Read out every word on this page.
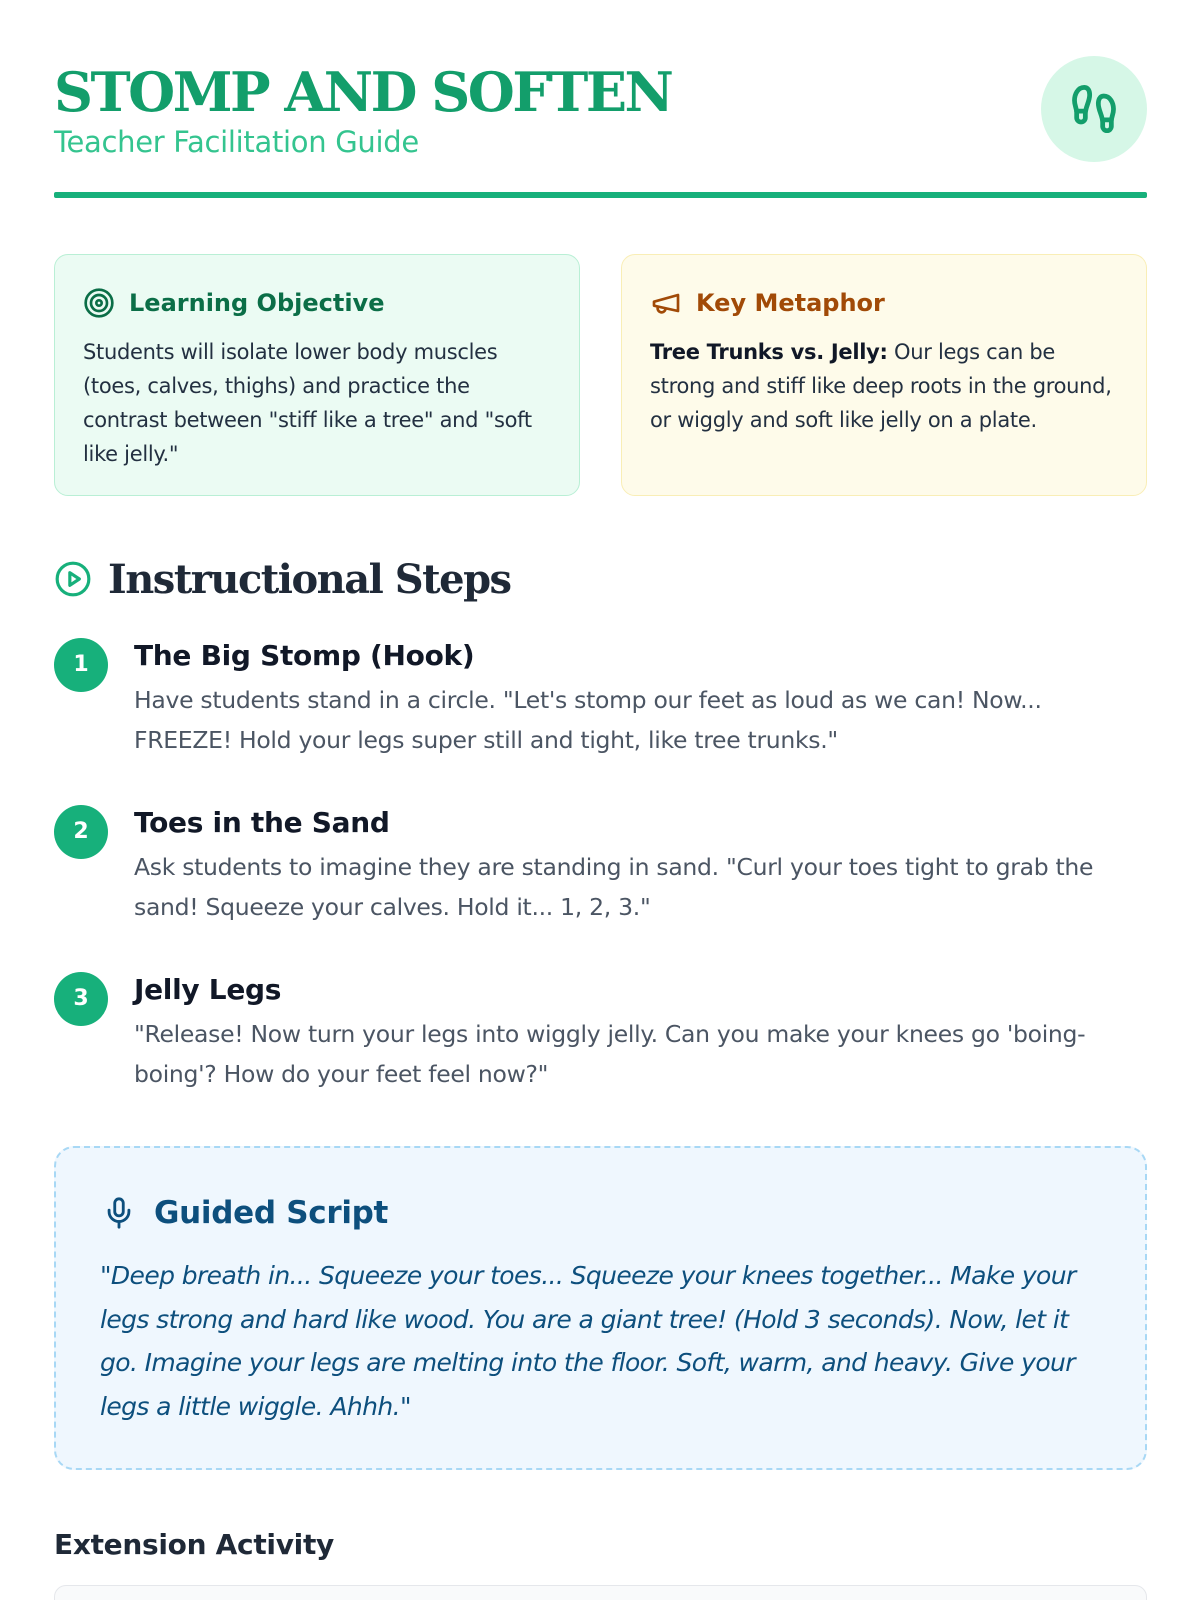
STOMP AND SOFTEN
Teacher Facilitation Guide
Learning Objective
Students will isolate lower body muscles (toes, calves, thighs) and practice the contrast between "stiff like a tree" and "soft like jelly."
Key Metaphor
Tree Trunks vs. Jelly: Our legs can be strong and stiff like deep roots in the ground, or wiggly and soft like jelly on a plate.
Instructional Steps
1	The Big Stomp (Hook)
Have students stand in a circle. "Let's stomp our feet as loud as we can! Now... FREEZE! Hold your legs super still and tight, like tree trunks."
2	Toes in the Sand
Ask students to imagine they are standing in sand. "Curl your toes tight to grab the sand! Squeeze your calves. Hold it... 1, 2, 3."
3	Jelly Legs
"Release! Now turn your legs into wiggly jelly. Can you make your knees go 'boing-boing'? How do your feet feel now?"
Guided Script
"Deep breath in... Squeeze your toes... Squeeze your knees together... Make your legs strong and hard like wood. You are a giant tree! (Hold 3 seconds). Now, let it go. Imagine your legs are melting into the floor. Soft, warm, and heavy. Give your legs a little wiggle. Ahhh."
Extension Activity
